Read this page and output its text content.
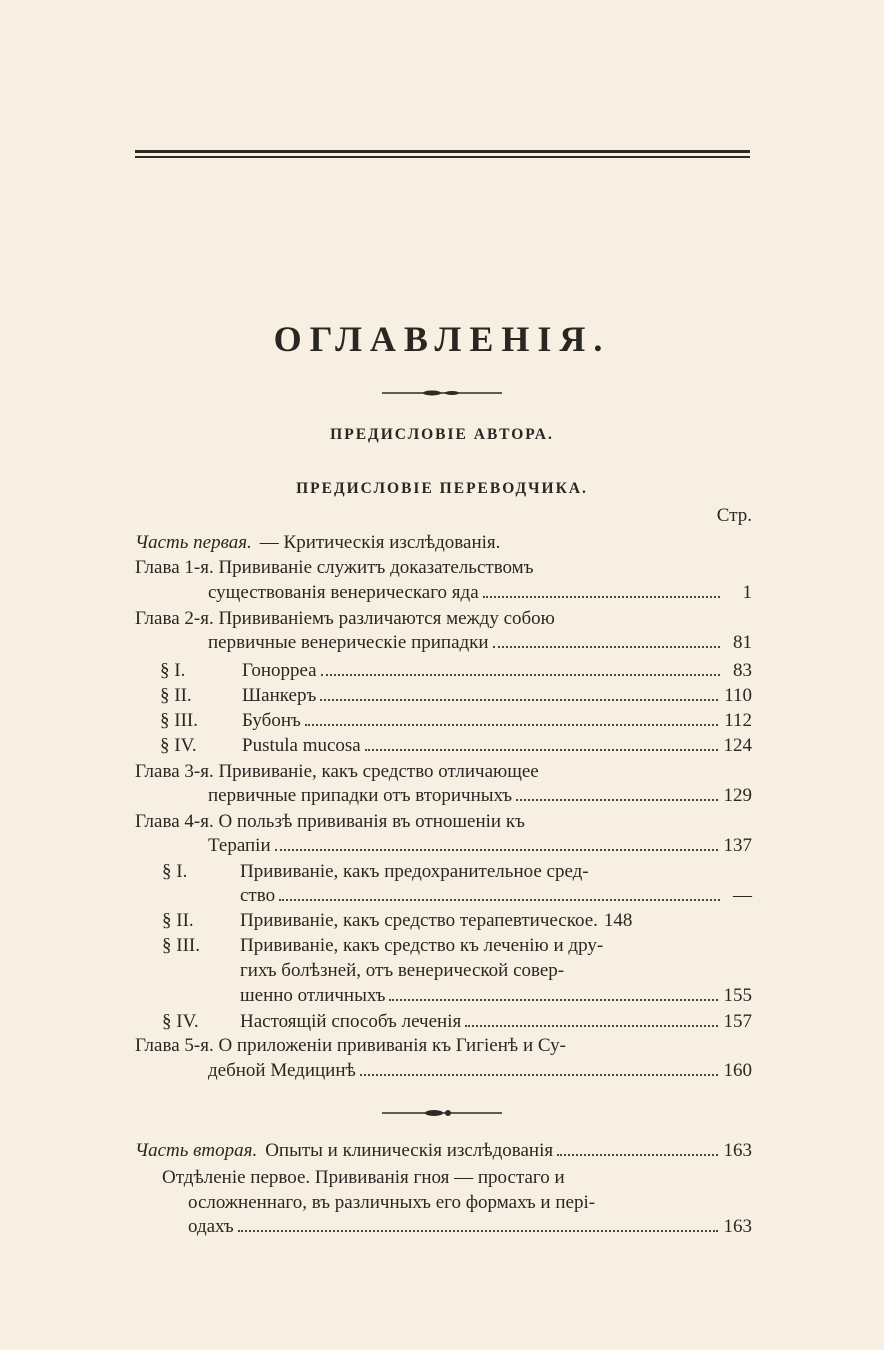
ОГЛАВЛЕНIЯ.
ПРЕДИСЛОВIЕ АВТОРА.
ПРЕДИСЛОВIЕ ПЕРЕВОДЧИКА.
Стр.
Часть первая. — Критическiя изслѣдованiя.
Глава 1-я. Прививанiе служитъ доказательствомъ
существованiя венерическаго яда	1
Глава 2-я. Прививанiемъ различаются между собою
первичные венерическiе припадки	81
§ I.	Гонорреа	83
§ II.	Шанкеръ	110
§ III.	Бубонъ	112
§ IV.	Pustula mucosa	124
Глава 3-я. Прививанiе, какъ средство отличающее
первичные припадки отъ вторичныхъ	129
Глава 4-я. О пользѣ прививанiя въ отношенiи къ
Терапiи	137
§ I.	Прививанiе, какъ предохранительное сред-
ство	—
§ II.	Прививанiе, какъ средство терапевтическое. 148
§ III.	Прививанiе, какъ средство къ леченiю и дру-
гихъ болѣзней, отъ венерической совер-
шенно отличныхъ	155
§ IV.	Настоящiй способъ леченiя	157
Глава 5-я. О приложенiи прививанiя къ Гигiенѣ и Су-
дебной Медицинѣ	160
Часть вторая. Опыты и клиническiя изслѣдованiя	163
Отдѣленiе первое. Прививанiя гноя — простаго и
осложненнаго, въ различныхъ его формахъ и перi-
одахъ	163
